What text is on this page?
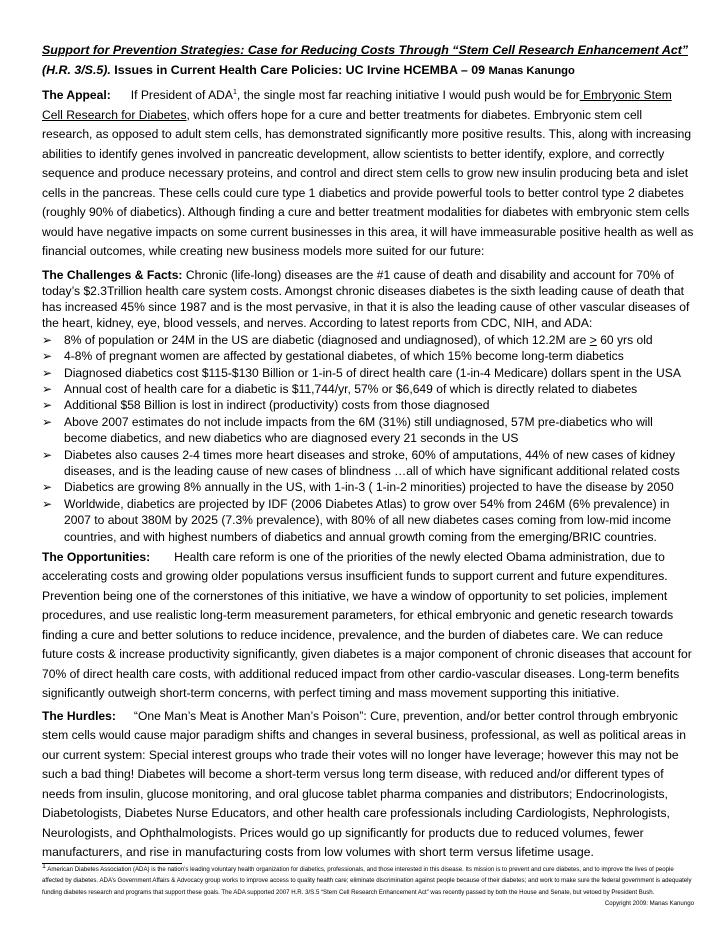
Support for Prevention Strategies: Case for Reducing Costs Through “Stem Cell Research Enhancement Act”
(H.R. 3/S.5). Issues in Current Health Care Policies: UC Irvine HCEMBA – 09 Manas Kanungo

The Appeal: If President of ADA$^1$, the single most far reaching initiative I would push would be for Embryonic Stem Cell Research for Diabetes, which offers hope for a cure and better treatments for diabetes. Embryonic stem cell research, as opposed to adult stem cells, has demonstrated significantly more positive results. This, along with increasing abilities to identify genes involved in pancreatic development, allow scientists to better identify, explore, and correctly sequence and produce necessary proteins, and control and direct stem cells to grow new insulin producing beta and islet cells in the pancreas. These cells could cure type 1 diabetics and provide powerful tools to better control type 2 diabetes (roughly 90% of diabetics). Although finding a cure and better treatment modalities for diabetes with embryonic stem cells would have negative impacts on some current businesses in this area, it will have immeasurable positive health as well as financial outcomes, while creating new business models more suited for our future:

The Challenges & Facts: Chronic (life-long) diseases are the #1 cause of death and disability and account for 70% of today’s $2.3Trillion health care system costs. Amongst chronic diseases diabetes is the sixth leading cause of death that has increased 45% since 1987 and is the most pervasive, in that it is also the leading cause of other vascular diseases of the heart, kidney, eye, blood vessels, and nerves. According to latest reports from CDC, NIH, and ADA:

➢ 8% of population or 24M in the US are diabetic (diagnosed and undiagnosed), of which 12.2M are > 60 yrs old
➢ 4-8% of pregnant women are affected by gestational diabetes, of which 15% become long-term diabetics
➢ Diagnosed diabetics cost $115-$130 Billion or 1-in-5 of direct health care (1-in-4 Medicare) dollars spent in the USA
➢ Annual cost of health care for a diabetic is $11,744/yr, 57% or $6,649 of which is directly related to diabetes
➢ Additional $58 Billion is lost in indirect (productivity) costs from those diagnosed
➢ Above 2007 estimates do not include impacts from the 6M (31%) still undiagnosed, 57M pre-diabetics who will become diabetics, and new diabetics who are diagnosed every 21 seconds in the US
➢ Diabetes also causes 2-4 times more heart diseases and stroke, 60% of amputations, 44% of new cases of kidney diseases, and is the leading cause of new cases of blindness …all of which have significant additional related costs
➢ Diabetics are growing 8% annually in the US, with 1-in-3 ( 1-in-2 minorities) projected to have the disease by 2050
➢ Worldwide, diabetics are projected by IDF (2006 Diabetes Atlas) to grow over 54% from 246M (6% prevalence) in 2007 to about 380M by 2025 (7.3% prevalence), with 80% of all new diabetes cases coming from low-mid income countries, and with highest numbers of diabetics and annual growth coming from the emerging/BRIC countries.

The Opportunities: Health care reform is one of the priorities of the newly elected Obama administration, due to accelerating costs and growing older populations versus insufficient funds to support current and future expenditures. Prevention being one of the cornerstones of this initiative, we have a window of opportunity to set policies, implement procedures, and use realistic long-term measurement parameters, for ethical embryonic and genetic research towards finding a cure and better solutions to reduce incidence, prevalence, and the burden of diabetes care. We can reduce future costs & increase productivity significantly, given diabetes is a major component of chronic diseases that account for 70% of direct health care costs, with additional reduced impact from other cardio-vascular diseases. Long-term benefits significantly outweigh short-term concerns, with perfect timing and mass movement supporting this initiative.

The Hurdles: “One Man’s Meat is Another Man’s Poison”: Cure, prevention, and/or better control through embryonic stem cells would cause major paradigm shifts and changes in several business, professional, as well as political areas in our current system: Special interest groups who trade their votes will no longer have leverage; however this may not be such a bad thing! Diabetes will become a short-term versus long term disease, with reduced and/or different types of needs from insulin, glucose monitoring, and oral glucose tablet pharma companies and distributors; Endocrinologists, Diabetologists, Diabetes Nurse Educators, and other health care professionals including Cardiologists, Nephrologists, Neurologists, and Ophthalmologists. Prices would go up significantly for products due to reduced volumes, fewer manufacturers, and rise in manufacturing costs from low volumes with short term versus lifetime usage.

$^1$ American Diabetes Association (ADA) is the nation’s leading voluntary health organization for diabetics, professionals, and those interested in this disease. Its mission is to prevent and cure diabetes, and to improve the lives of people affected by diabetes. ADA’s Government Affairs & Advocacy group works to improve access to quality health care; eliminate discrimination against people because of their diabetes; and work to make sure the federal government is adequately funding diabetes research and programs that support these goals. The ADA supported 2007 H.R. 3/S.5 “Stem Cell Research Enhancement Act” was recently passed by both the House and Senate, but vetoed by President Bush.
Copyright 2009: Manas Kanungo
